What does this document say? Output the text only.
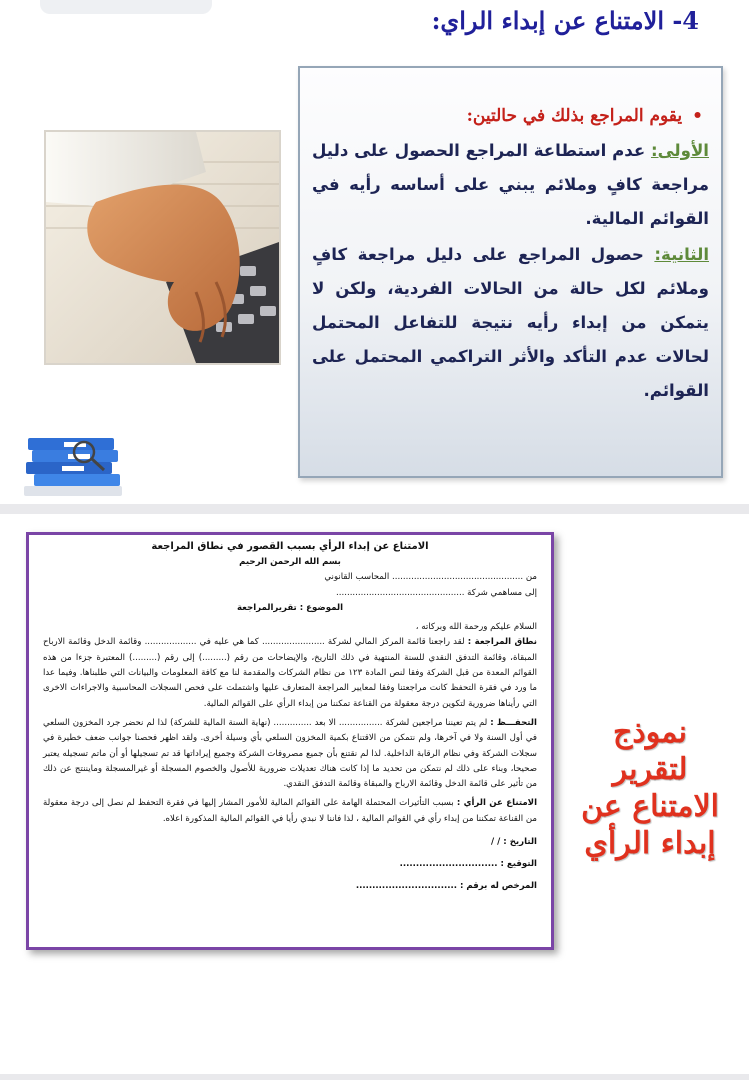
4- الامتناع عن إبداء الراي:
•يقوم المراجع بذلك في حالتين:

الأولى: عدم استطاعة المراجع الحصول على دليل مراجعة كافٍ وملائم يبني على أساسه رأيه في القوائم المالية.

الثانية: حصول المراجع على دليل مراجعة كافٍ وملائم لكل حالة من الحالات الفردية، ولكن لا يتمكن من إبداء رأيه نتيجة للتفاعل المحتمل لحالات عدم التأكد والأثر التراكمي المحتمل على القوائم.

الامتناع عن إبداء الرأي بسبب القصور في نطاق المراجعة
بسم الله الرحمن الرحيم
من ................................................ المحاسب القانوني
إلى مساهمي شركة ...............................................
الموضوع : تقريرالمراجعة
السلام عليكم ورحمة الله وبركاته ،
نطاق المراجعة : لقد راجعنا قائمة المركز المالي لشركة ....................... كما هي عليه في ................... وقائمة الدخل وقائمة الارباح المبقاة، وقائمة التدفق النقدي للسنة المنتهية في ذلك التاريخ، والإيضاحات من رقم (.........) إلى رقم (.........) المعتبرة جزءا من هذه القوائم المعدة من قبل الشركة وفقا لنص المادة ١٢٣ من نظام الشركات والمقدمة لنا مع كافة المعلومات والبيانات التي طلبناها. وفيما عدا ما ورد في فقرة التحفظ كانت مراجعتنا وفقا لمعايير المراجعة المتعارف عليها واشتملت على فحص السجلات المحاسبية والاجراءات الاخرى التي رأيناها ضرورية لتكوين درجة معقولة من القناعة تمكننا من إبداء الرأي على القوائم المالية.
التحفـــظ : لم يتم تعيننا مراجعين لشركة ................ الا بعد .............. (نهاية السنة المالية للشركة) لذا لم نحضر جرد المخزون السلعي في أول السنة ولا في آخرها، ولم نتمكن من الاقتناع بكمية المخزون السلعي بأي وسيلة أخرى. ولقد اظهر فحصنا جوانب ضعف خطيرة في سجلات الشركة وفي نظام الرقابة الداخلية. لذا لم نقتنع بأن جميع مصروفات الشركة وجميع إيراداتها قد تم تسجيلها أو أن ماتم تسجيله يعتبر صحيحا، وبناء على ذلك لم نتمكن من تحديد ما إذا كانت هناك تعديلات ضرورية للأصول والخصوم المسجلة أو غيرالمسجلة ومايننتج عن ذلك من تأثير على قائمة الدخل وقائمة الارباح والمبقاة وقائمة التدفق النقدي.
الامتناع عن الرأي : بسبب التأثيرات المحتملة الهامة على القوائم المالية للأمور المشار إليها في فقرة التحفظ لم نصل إلى درجة معقولة من القناعة تمكننا من إبداء رأي في القوائم المالية ، لذا فاننا لا نبدي رأيا في القوائم المالية المذكورة اعلاه.
التاريخ : / /
التوقيع : ..............................
المرخص له برقم : ...............................
نموذج لتقرير الامتناع عن إبداء الرأي
